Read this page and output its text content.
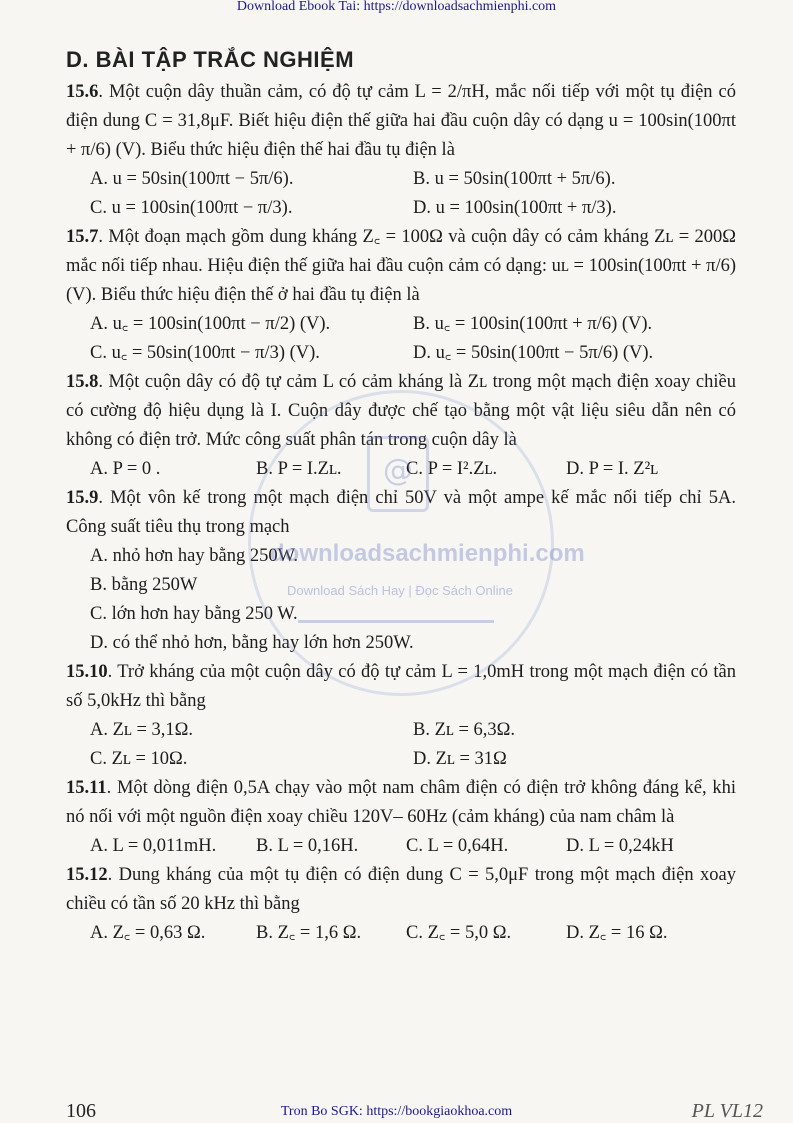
Download Ebook Tai: https://downloadsachmienphi.com
D. BÀI TẬP TRẮC NGHIỆM

15.6. Một cuộn dây thuần cảm, có độ tự cảm L = 2/πH, mắc nối tiếp với một tụ điện có điện dung C = 31,8μF. Biết hiệu điện thế giữa hai đầu cuộn dây có dạng u = 100sin(100πt + π/6) (V). Biểu thức hiệu điện thế hai đầu tụ điện là

A. u = 50sin(100πt − 5π/6).	B. u = 50sin(100πt + 5π/6).
C. u = 100sin(100πt − π/3).	D. u = 100sin(100πt + π/3).

15.7. Một đoạn mạch gồm dung kháng Z꜀ = 100Ω và cuộn dây có cảm kháng Zʟ = 200Ω mắc nối tiếp nhau. Hiệu điện thế giữa hai đầu cuộn cảm có dạng: uʟ = 100sin(100πt + π/6)(V). Biểu thức hiệu điện thế ở hai đầu tụ điện là

A. u꜀ = 100sin(100πt − π/2) (V).	B. u꜀ = 100sin(100πt + π/6) (V).
C. u꜀ = 50sin(100πt − π/3) (V).	D. u꜀ = 50sin(100πt − 5π/6) (V).

15.8. Một cuộn dây có độ tự cảm L có cảm kháng là Zʟ trong một mạch điện xoay chiều có cường độ hiệu dụng là I. Cuộn dây được chế tạo bằng một vật liệu siêu dẫn nên có không có điện trở. Mức công suất phân tán trong cuộn dây là

A. P = 0 .	B. P = I.Zʟ.	C. P = I².Zʟ.	D. P = I. Z²ʟ

15.9. Một vôn kế trong một mạch điện chỉ 50V và một ampe kế mắc nối tiếp chỉ 5A. Công suất tiêu thụ trong mạch

A. nhỏ hơn hay bằng 250W.
B. bằng 250W
C. lớn hơn hay bằng 250 W.
D. có thể nhỏ hơn, bằng hay lớn hơn 250W.

15.10. Trở kháng của một cuộn dây có độ tự cảm L = 1,0mH trong một mạch điện có tần số 5,0kHz thì bằng

A. Zʟ = 3,1Ω.	B. Zʟ = 6,3Ω.
C. Zʟ = 10Ω.	D. Zʟ = 31Ω

15.11. Một dòng điện 0,5A chạy vào một nam châm điện có điện trở không đáng kể, khi nó nối với một nguồn điện xoay chiều 120V– 60Hz (cảm kháng) của nam châm là

A. L = 0,011mH.	B. L = 0,16H.	C. L = 0,64H.	D. L = 0,24kH

15.12. Dung kháng của một tụ điện có điện dung C = 5,0μF trong một mạch điện xoay chiều có tần số 20 kHz thì bằng

A. Z꜀ = 0,63 Ω.	B. Z꜀ = 1,6 Ω.	C. Z꜀ = 5,0 Ω.	D. Z꜀ = 16 Ω.
@
downloadsachmienphi.com
Download Sách Hay | Đọc Sách Online
106	Tron Bo SGK: https://bookgiaokhoa.com	PL VL12
